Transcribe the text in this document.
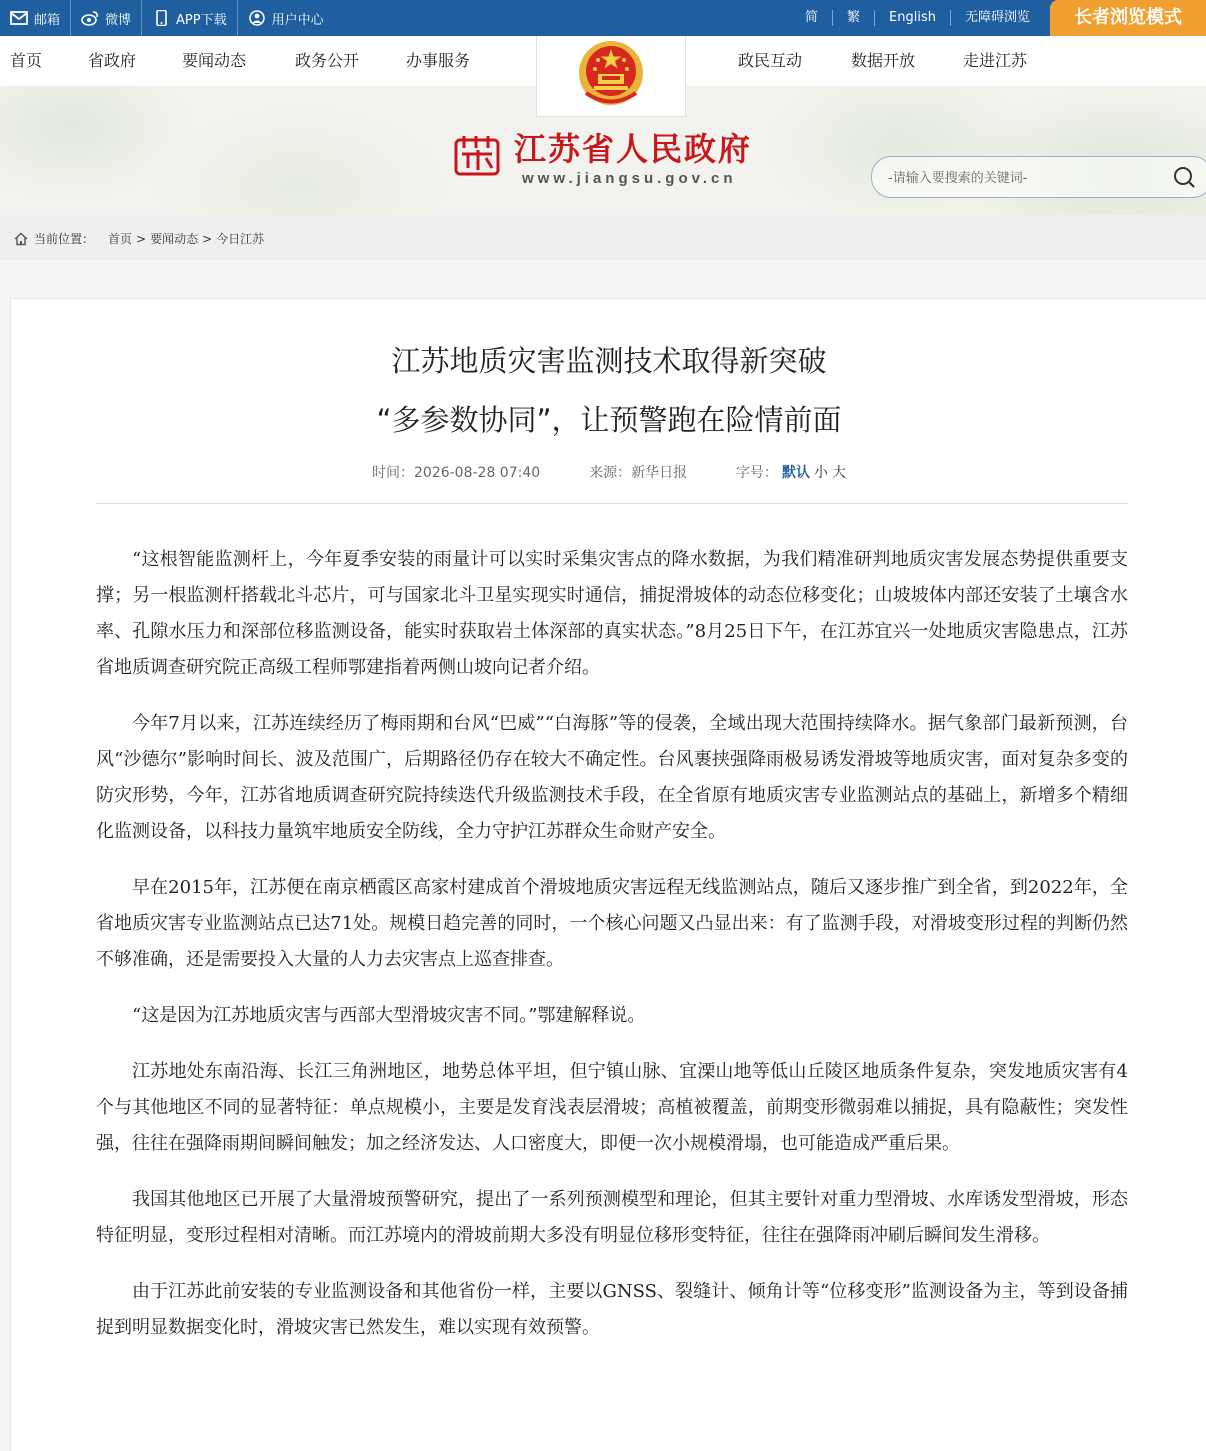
邮箱	微博	APP下载	用户中心	简	繁	English	无障碍浏览	长者浏览模式
首页	省政府	要闻动态	政务公开	办事服务	政民互动	数据开放	走进江苏
江苏省人民政府
www.jiangsu.gov.cn
-请输入要搜索的关键词-
当前位置： 首页 > 要闻动态 > 今日江苏
江苏地质灾害监测技术取得新突破
“多参数协同”，让预警跑在险情前面
时间：2026-08-28 07:40	来源：新华日报	字号： 默认 小 大

“这根智能监测杆上，今年夏季安装的雨量计可以实时采集灾害点的降水数据，为我们精准研判地质灾害发展态势提供重要支撑；另一根监测杆搭载北斗芯片，可与国家北斗卫星实现实时通信，捕捉滑坡体的动态位移变化；山坡坡体内部还安装了土壤含水率、孔隙水压力和深部位移监测设备，能实时获取岩土体深部的真实状态。”8月25日下午，在江苏宜兴一处地质灾害隐患点，江苏省地质调查研究院正高级工程师鄂建指着两侧山坡向记者介绍。

今年7月以来，江苏连续经历了梅雨期和台风“巴威”“白海豚”等的侵袭，全域出现大范围持续降水。据气象部门最新预测，台风“沙德尔”影响时间长、波及范围广，后期路径仍存在较大不确定性。台风裹挟强降雨极易诱发滑坡等地质灾害，面对复杂多变的防灾形势，今年，江苏省地质调查研究院持续迭代升级监测技术手段，在全省原有地质灾害专业监测站点的基础上，新增多个精细化监测设备，以科技力量筑牢地质安全防线，全力守护江苏群众生命财产安全。

早在2015年，江苏便在南京栖霞区高家村建成首个滑坡地质灾害远程无线监测站点，随后又逐步推广到全省，到2022年，全省地质灾害专业监测站点已达71处。规模日趋完善的同时，一个核心问题又凸显出来：有了监测手段，对滑坡变形过程的判断仍然不够准确，还是需要投入大量的人力去灾害点上巡查排查。

“这是因为江苏地质灾害与西部大型滑坡灾害不同。”鄂建解释说。

江苏地处东南沿海、长江三角洲地区，地势总体平坦，但宁镇山脉、宜溧山地等低山丘陵区地质条件复杂，突发地质灾害有4个与其他地区不同的显著特征：单点规模小，主要是发育浅表层滑坡；高植被覆盖，前期变形微弱难以捕捉，具有隐蔽性；突发性强，往往在强降雨期间瞬间触发；加之经济发达、人口密度大，即便一次小规模滑塌，也可能造成严重后果。

我国其他地区已开展了大量滑坡预警研究，提出了一系列预测模型和理论，但其主要针对重力型滑坡、水库诱发型滑坡，形态特征明显，变形过程相对清晰。而江苏境内的滑坡前期大多没有明显位移形变特征，往往在强降雨冲刷后瞬间发生滑移。

由于江苏此前安装的专业监测设备和其他省份一样，主要以GNSS、裂缝计、倾角计等“位移变形”监测设备为主，等到设备捕捉到明显数据变化时，滑坡灾害已然发生，难以实现有效预警。
